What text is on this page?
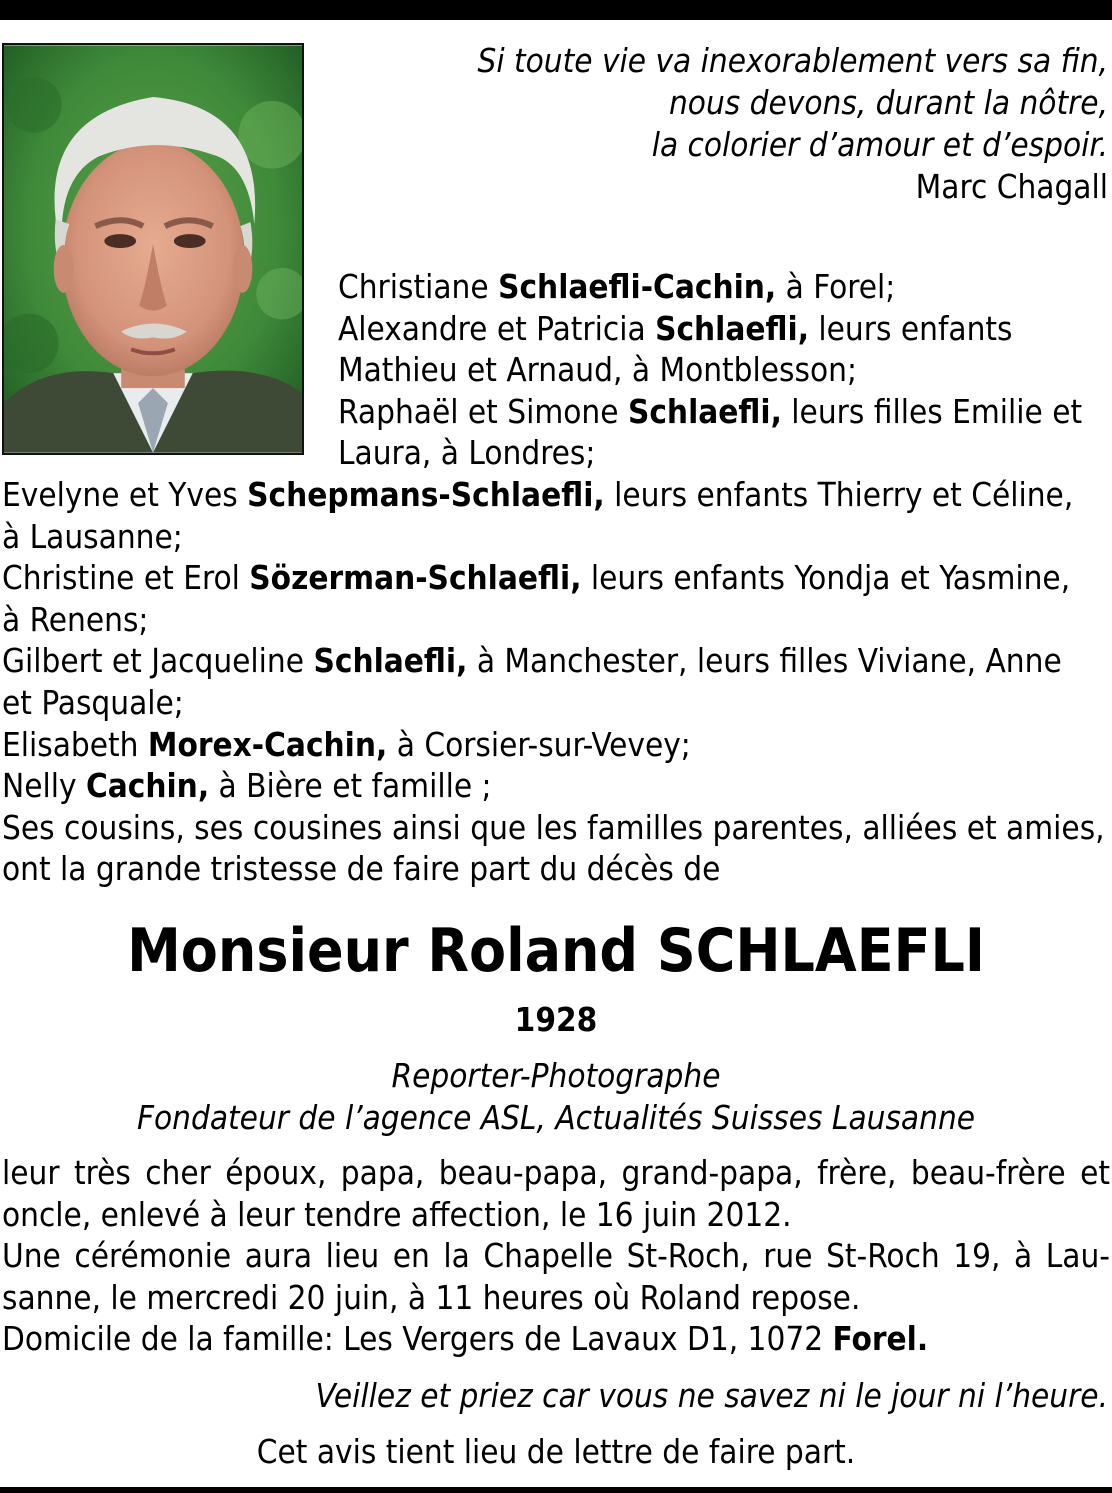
Si toute vie va inexorablement vers sa fin,
nous devons, durant la nôtre,
la colorier d’amour et d’espoir.
Marc Chagall
Christiane Schlaefli-Cachin, à Forel;
Alexandre et Patricia Schlaefli, leurs enfants
Mathieu et Arnaud, à Montblesson;
Raphaël et Simone Schlaefli, leurs filles Emilie et
Laura, à Londres;
Evelyne et Yves Schepmans-Schlaefli, leurs enfants Thierry et Céline,
à Lausanne;
Christine et Erol Sözerman-Schlaefli, leurs enfants Yondja et Yasmine,
à Renens;
Gilbert et Jacqueline Schlaefli, à Manchester, leurs filles Viviane, Anne
et Pasquale;
Elisabeth Morex-Cachin, à Corsier-sur-Vevey;
Nelly Cachin, à Bière et famille ;
Ses cousins, ses cousines ainsi que les familles parentes, alliées et amies,
ont la grande tristesse de faire part du décès de
Monsieur Roland SCHLAEFLI
1928
Reporter-Photographe
Fondateur de l’agence ASL, Actualités Suisses Lausanne
leur très cher époux, papa, beau-papa, grand-papa, frère, beau-frère et
oncle, enlevé à leur tendre affection, le 16 juin 2012.
Une cérémonie aura lieu en la Chapelle St-Roch, rue St-Roch 19, à Lau-
sanne, le mercredi 20 juin, à 11 heures où Roland repose.
Domicile de la famille: Les Vergers de Lavaux D1, 1072 Forel.
Veillez et priez car vous ne savez ni le jour ni l’heure.
Cet avis tient lieu de lettre de faire part.
